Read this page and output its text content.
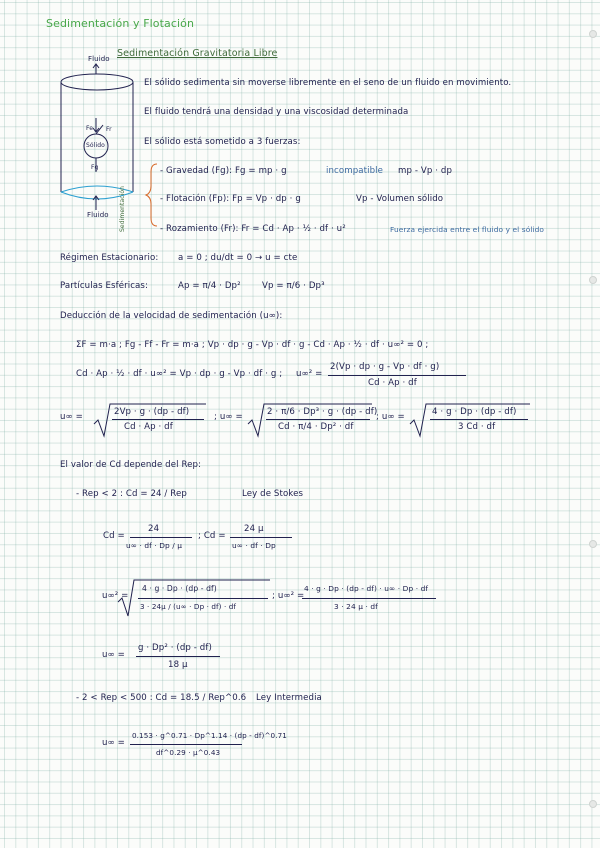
Sedimentación y Flotación
Fluido
Fluido
Sólido
Fr
Fg
Fe
Sedimentación
Sedimentación Gravitatoria Libre
El sólido sedimenta sin moverse libremente en el seno de un fluido en movimiento.
El fluido tendrá una densidad y una viscosidad determinada
El sólido está sometido a 3 fuerzas:
- Gravedad (Fg): Fg = mp · g	incompatible mp - Vp · dp
- Flotación (Fp): Fp = Vp · dp · g	Vp - Volumen sólido
- Rozamiento (Fr): Fr = Cd · Ap · ½ · df · u²	Fuerza ejercida entre el fluido y el sólido
Régimen Estacionario: a = 0 ; du/dt = 0 → u = cte
Partículas Esféricas:	Ap = π/4 · Dp² Vp = π/6 · Dp³
Deducción de la velocidad de sedimentación (u∞):
ΣF = m·a ; Fg - Ff - Fr = m·a ; Vp · dp · g - Vp · df · g - Cd · Ap · ½ · df · u∞² = 0 ;
Cd · Ap · ½ · df · u∞² = Vp · dp · g - Vp · df · g ; u∞² =
2(Vp · dp · g - Vp · df · g)
Cd · Ap · df
u∞ =	2Vp · g · (dp - df)
Cd · Ap · df
; u∞ =	2 · π/6 · Dp³ · g · (dp - df)
Cd · π/4 · Dp² · df
; u∞ =	4 · g · Dp · (dp - df)
3 Cd · df
El valor de Cd depende del Rep:
- Rep < 2 : Cd = 24 / Rep	Ley de Stokes
Cd =
24
u∞ · df · Dp / μ
; Cd =
24 μ
u∞ · df · Dp
u∞² =
4 · g · Dp · (dp - df)
3 · 24μ / (u∞ · Dp · df) · df
; u∞² =
4 · g · Dp · (dp - df) · u∞ · Dp · df
3 · 24 μ · df
u∞ =
g · Dp² · (dp - df)
18 μ
- 2 < Rep < 500 : Cd = 18.5 / Rep^0.6 Ley Intermedia
u∞ =
0.153 · g^0.71 · Dp^1.14 · (dp - df)^0.71
df^0.29 · μ^0.43
